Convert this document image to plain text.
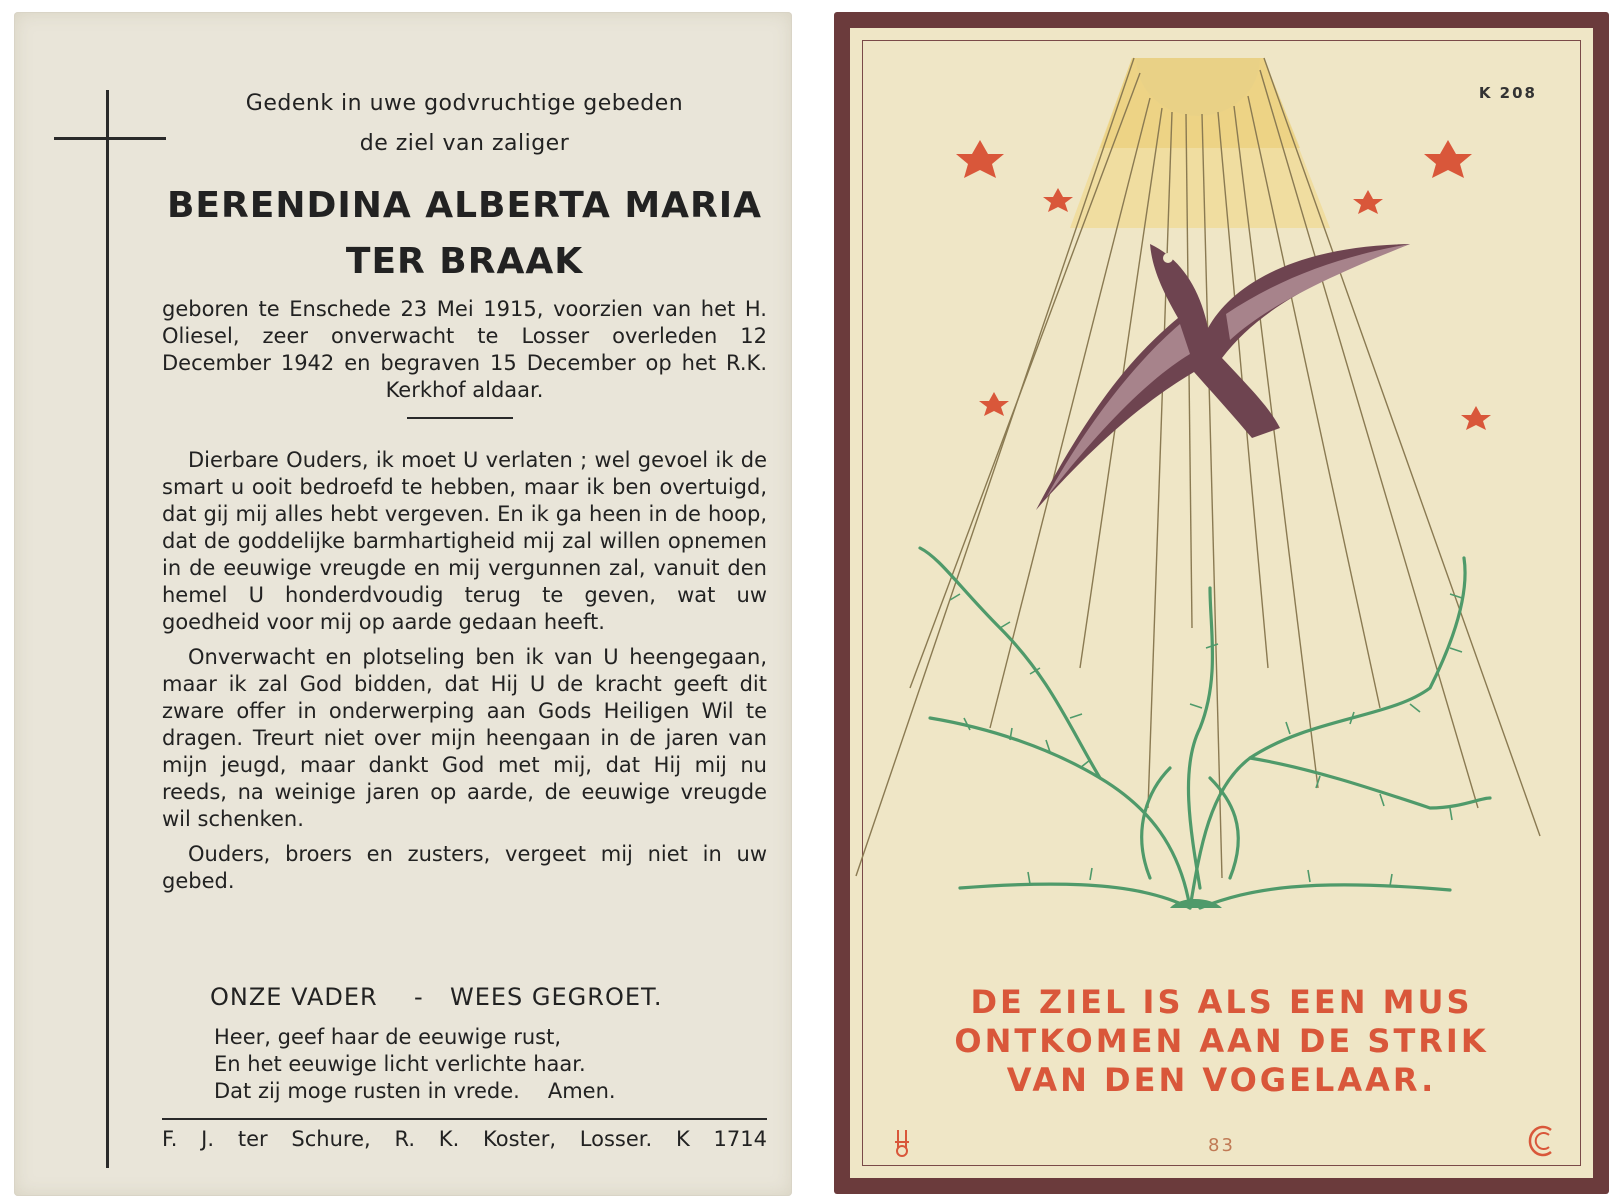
Gedenk in uwe godvruchtige gebeden
de ziel van zaliger
BERENDINA ALBERTA MARIA
TER BRAAK
geboren te Enschede 23 Mei 1915, voorzien van het H. Oliesel, zeer onverwacht te Losser overleden 12 December 1942 en begraven 15 December op het R.K. Kerkhof aldaar.

Dierbare Ouders, ik moet U verlaten ; wel gevoel ik de smart u ooit bedroefd te hebben, maar ik ben overtuigd, dat gij mij alles hebt vergeven. En ik ga heen in de hoop, dat de goddelijke barmhartigheid mij zal willen opnemen in de eeuwige vreugde en mij vergunnen zal, vanuit den hemel U honderdvoudig terug te geven, wat uw goedheid voor mij op aarde gedaan heeft.

Onverwacht en plotseling ben ik van U heengegaan, maar ik zal God bidden, dat Hij U de kracht geeft dit zware offer in onderwerping aan Gods Heiligen Wil te dragen. Treurt niet over mijn heengaan in de jaren van mijn jeugd, maar dankt God met mij, dat Hij mij nu reeds, na weinige jaren op aarde, de eeuwige vreugde wil schenken.

Ouders, broers en zusters, vergeet mij niet in uw gebed.

ONZE VADER - WEES GEGROET.
Heer, geef haar de eeuwige rust,
En het eeuwige licht verlichte haar.
Dat zij moge rusten in vrede. Amen.
F. J. ter Schure, R. K. Koster, Losser. K 1714
K 208
DE ZIEL IS ALS EEN MUS
ONTKOMEN AAN DE STRIK
VAN DEN VOGELAAR.
83
